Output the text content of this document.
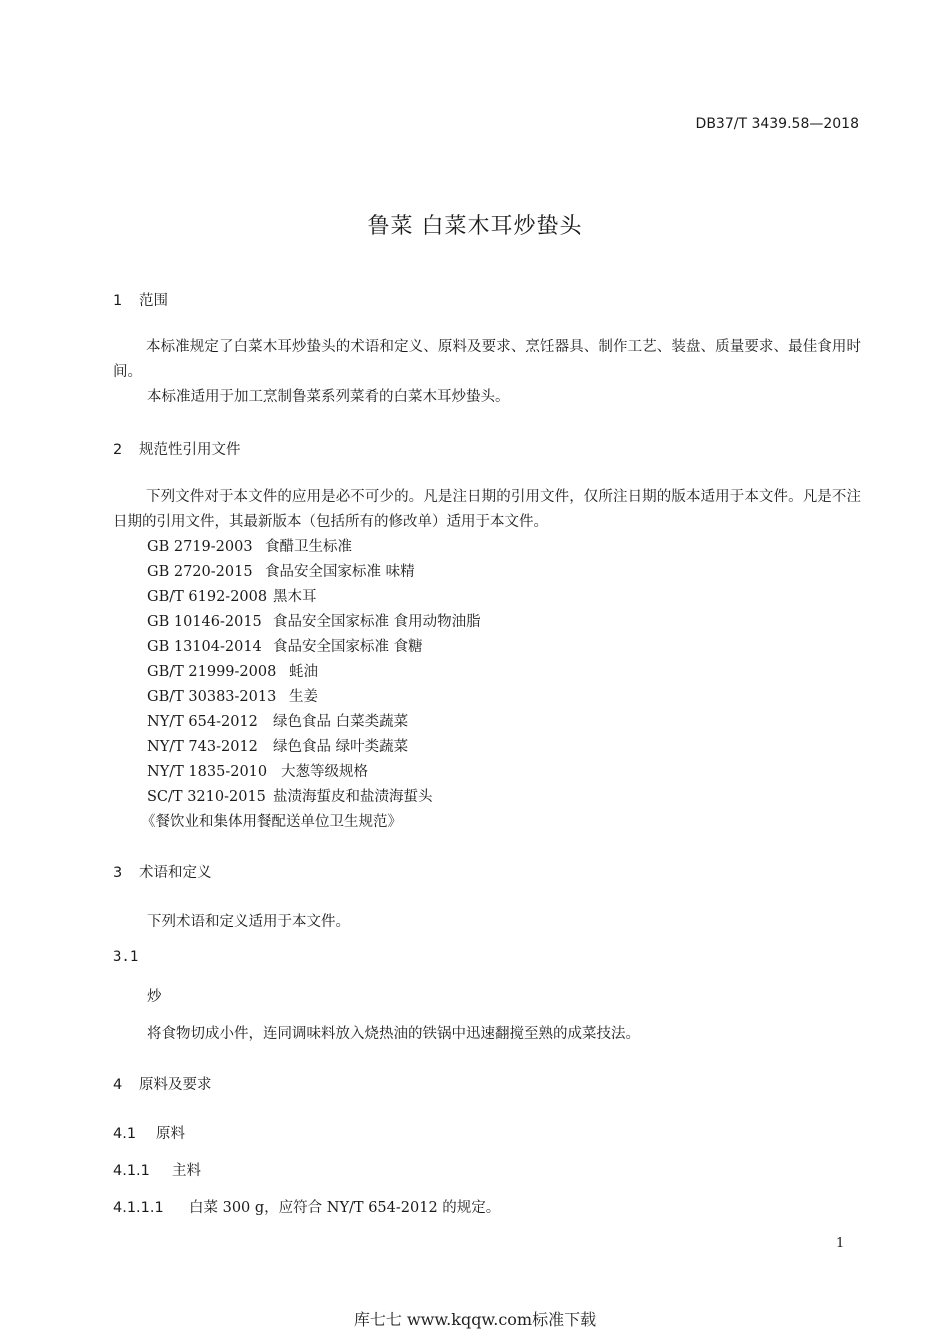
DB37/T 3439.58—2018
鲁菜 白菜木耳炒蛰头
1 范围
本标准规定了白菜木耳炒蛰头的术语和定义、原料及要求、烹饪器具、制作工艺、装盘、质量要求、最佳食用时间。
本标准适用于加工烹制鲁菜系列菜肴的白菜木耳炒蛰头。
2 规范性引用文件
下列文件对于本文件的应用是必不可少的。凡是注日期的引用文件，仅所注日期的版本适用于本文件。凡是不注日期的引用文件，其最新版本（包括所有的修改单）适用于本文件。
GB 2719-2003 食醋卫生标准
GB 2720-2015 食品安全国家标准 味精
GB/T 6192-2008 黑木耳
GB 10146-2015 食品安全国家标准 食用动物油脂
GB 13104-2014 食品安全国家标准 食糖
GB/T 21999-2008 蚝油
GB/T 30383-2013 生姜
NY/T 654-2012 绿色食品 白菜类蔬菜
NY/T 743-2012 绿色食品 绿叶类蔬菜
NY/T 1835-2010 大葱等级规格
SC/T 3210-2015 盐渍海蜇皮和盐渍海蜇头
《餐饮业和集体用餐配送单位卫生规范》
3 术语和定义
下列术语和定义适用于本文件。
3.1
炒
将食物切成小件，连同调味料放入烧热油的铁锅中迅速翻搅至熟的成菜技法。
4 原料及要求
4.1 原料
4.1.1 主料
4.1.1.1 白菜 300 g，应符合 NY/T 654-2012 的规定。
1
库七七 www.kqqw.com标准下载
